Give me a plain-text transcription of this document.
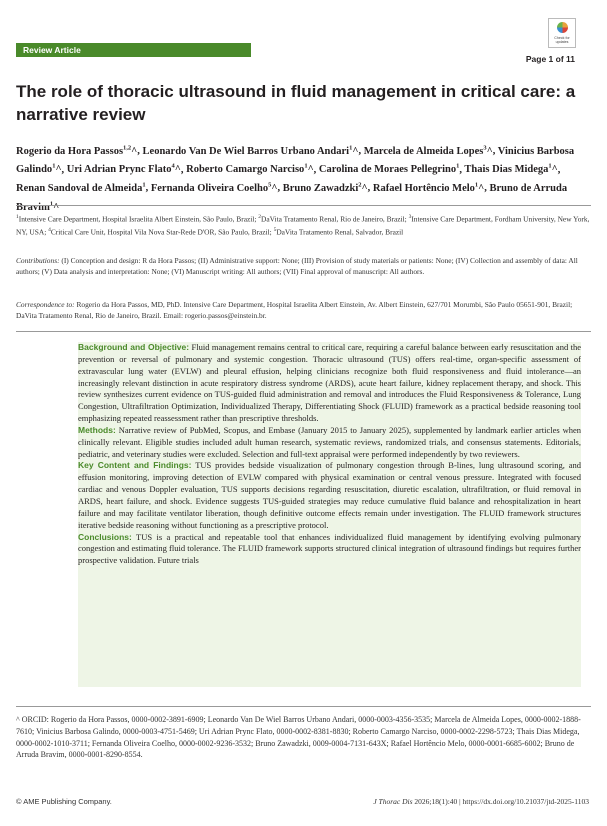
Review Article
Check for updates
Page 1 of 11
The role of thoracic ultrasound in fluid management in critical care: a narrative review

Rogerio da Hora Passos$^{1,2}$^, Leonardo Van De Wiel Barros Urbano Andari$^1$^, Marcela de Almeida Lopes$^3$^, Vinicius Barbosa Galindo$^1$^, Uri Adrian Prync Flato$^4$^, Roberto Camargo Narciso$^1$^, Carolina de Moraes Pellegrino$^1$, Thais Dias Midega$^1$^, Renan Sandoval de Almeida$^1$, Fernanda Oliveira Coelho$^5$^, Bruno Zawadzki$^2$^, Rafael Hortêncio Melo$^1$^, Bruno de Arruda Bravim$^1$^

$^1$Intensive Care Department, Hospital Israelita Albert Einstein, São Paulo, Brazil; $^2$DaVita Tratamento Renal, Rio de Janeiro, Brazil; $^3$Intensive Care Department, Fordham University, New York, NY, USA; $^4$Critical Care Unit, Hospital Vila Nova Star-Rede D'OR, São Paulo, Brazil; $^5$DaVita Tratamento Renal, Salvador, Brazil

Contributions: (I) Conception and design: R da Hora Passos; (II) Administrative support: None; (III) Provision of study materials or patients: None; (IV) Collection and assembly of data: All authors; (V) Data analysis and interpretation: None; (VI) Manuscript writing: All authors; (VII) Final approval of manuscript: All authors.

Correspondence to: Rogerio da Hora Passos, MD, PhD. Intensive Care Department, Hospital Israelita Albert Einstein, Av. Albert Einstein, 627/701 Morumbi, São Paulo 05651-901, Brazil; DaVita Tratamento Renal, Rio de Janeiro, Brazil. Email: rogerio.passos@einstein.br.

Background and Objective: Fluid management remains central to critical care, requiring a careful balance between early resuscitation and the prevention or reversal of pulmonary and systemic congestion. Thoracic ultrasound (TUS) offers real-time, organ-specific assessment of extravascular lung water (EVLW) and pleural effusion, helping clinicians recognize both fluid responsiveness and fluid intolerance—an increasingly relevant distinction in acute respiratory distress syndrome (ARDS), acute heart failure, kidney replacement therapy, and shock. This review synthesizes current evidence on TUS-guided fluid administration and removal and introduces the Fluid Responsiveness & Tolerance, Lung Congestion, Ultrafiltration Optimization, Individualized Therapy, Differentiating Shock (FLUID) framework as a practical bedside reasoning tool emphasizing repeated reassessment rather than prescriptive thresholds.

Methods: Narrative review of PubMed, Scopus, and Embase (January 2015 to January 2025), supplemented by landmark earlier articles when clinically relevant. Eligible studies included adult human research, systematic reviews, randomized trials, and consensus statements. Editorials, pediatric, and veterinary studies were excluded. Selection and full-text appraisal were performed independently by two reviewers.

Key Content and Findings: TUS provides bedside visualization of pulmonary congestion through B-lines, lung ultrasound scoring, and effusion monitoring, improving detection of EVLW compared with physical examination or central venous pressure. Integrated with focused cardiac and venous Doppler evaluation, TUS supports decisions regarding resuscitation, diuretic escalation, ultrafiltration, or fluid removal in ARDS, heart failure, and shock. Evidence suggests TUS-guided strategies may reduce cumulative fluid balance and rehospitalization in heart failure and may facilitate ventilator liberation, though definitive outcome effects remain under investigation. The FLUID framework structures iterative bedside reasoning without functioning as a prescriptive protocol.

Conclusions: TUS is a practical and repeatable tool that enhances individualized fluid management by identifying evolving pulmonary congestion and estimating fluid tolerance. The FLUID framework supports structured clinical integration of ultrasound findings but requires further prospective validation. Future trials

^ ORCID: Rogerio da Hora Passos, 0000-0002-3891-6909; Leonardo Van De Wiel Barros Urbano Andari, 0000-0003-4356-3535; Marcela de Almeida Lopes, 0000-0002-1888-7610; Vinicius Barbosa Galindo, 0000-0003-4751-5469; Uri Adrian Prync Flato, 0000-0002-8381-8830; Roberto Camargo Narciso, 0000-0002-2298-5723; Thais Dias Midega, 0000-0002-1010-3711; Fernanda Oliveira Coelho, 0000-0002-9236-3532; Bruno Zawadzki, 0009-0004-7131-643X; Rafael Hortêncio Melo, 0000-0001-6685-6002; Bruno de Arruda Bravim, 0000-0001-8290-8554.

© AME Publishing Company.	J Thorac Dis 2026;18(1):40 | https://dx.doi.org/10.21037/jtd-2025-1103
